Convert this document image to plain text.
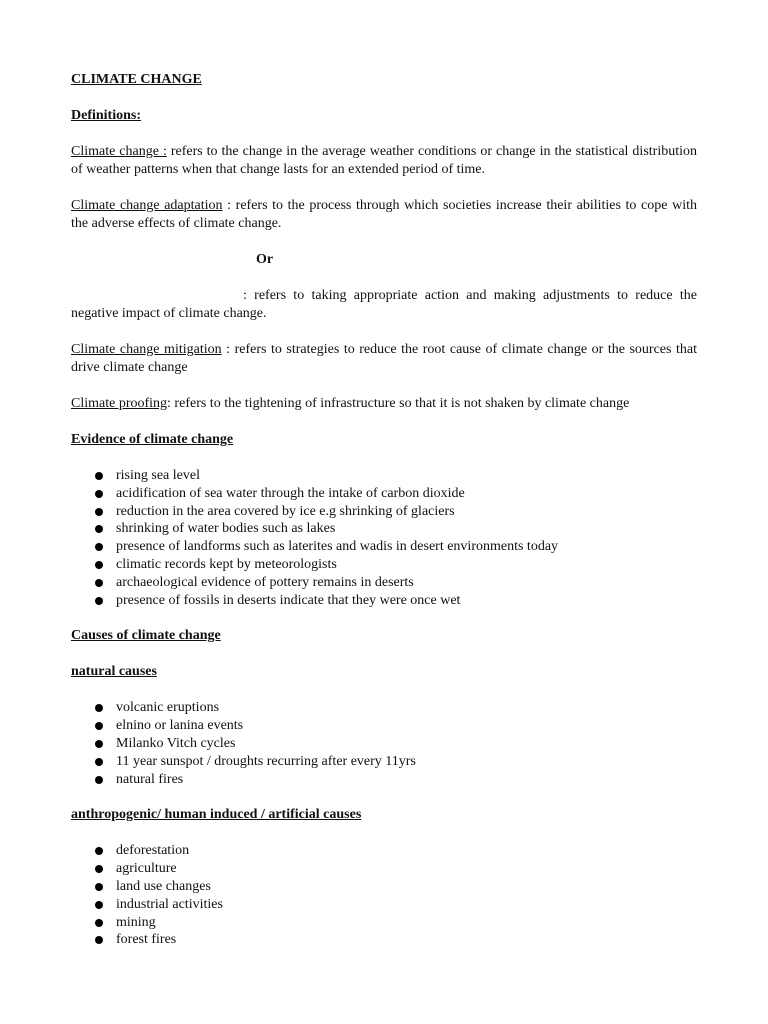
CLIMATE CHANGE
Definitions:

Climate change : refers to the change in the average weather conditions or change in the statistical distribution of weather patterns when that change lasts for an extended period of time.

Climate change adaptation : refers to the process through which societies increase their abilities to cope with the adverse effects of climate change.

Or

: refers to taking appropriate action and making adjustments to reduce the negative impact of climate change.

Climate change mitigation : refers to strategies to reduce the root cause of climate change or the sources that drive climate change

Climate proofing: refers to the tightening of infrastructure so that it is not shaken by climate change

Evidence of climate change
rising sea level
acidification of sea water through the intake of carbon dioxide
reduction in the area covered by ice e.g shrinking of glaciers
shrinking of water bodies such as lakes
presence of landforms such as laterites and wadis in desert environments today
climatic records kept by meteorologists
archaeological evidence of pottery remains in deserts
presence of fossils in deserts indicate that they were once wet
Causes of climate change
natural causes
volcanic eruptions
elnino or lanina events
Milanko Vitch cycles
11 year sunspot / droughts recurring after every 11yrs
natural fires
anthropogenic/ human induced / artificial causes
deforestation
agriculture
land use changes
industrial activities
mining
forest fires
